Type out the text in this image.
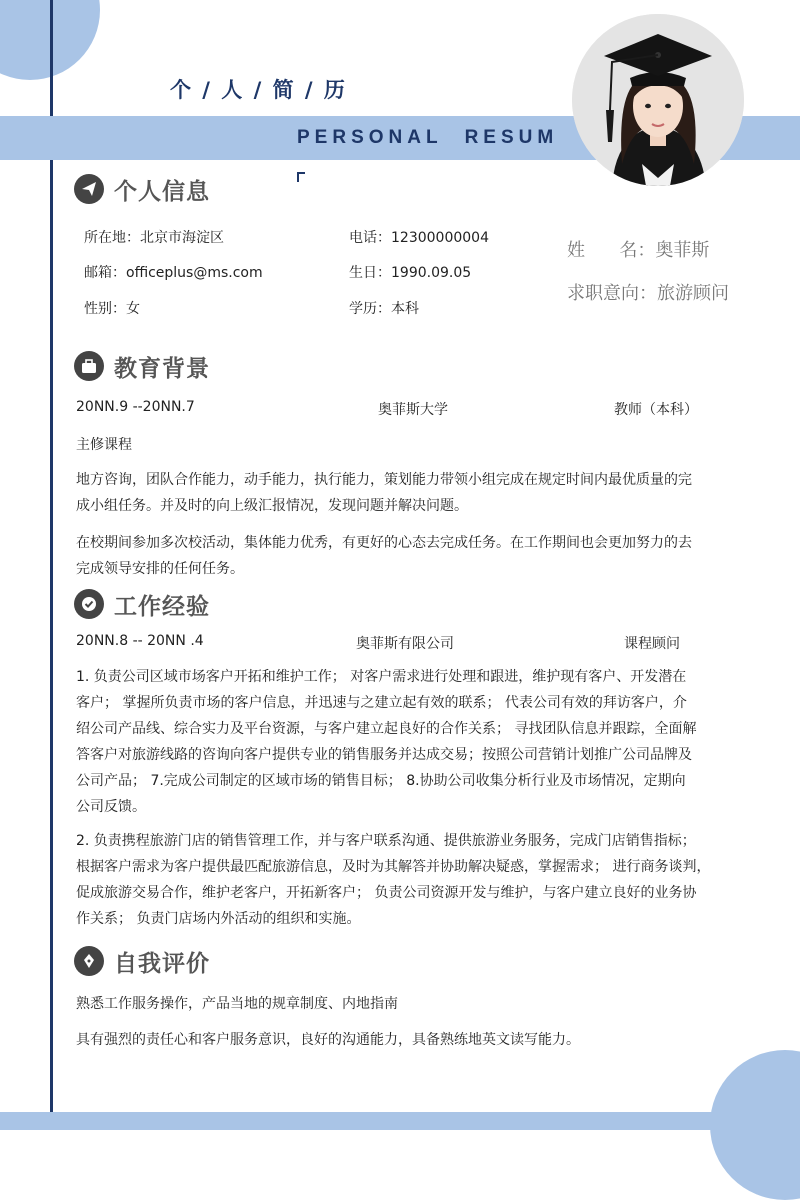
个 / 人 / 简 / 历
PERSONAL RESUM
个人信息
所在地：北京市海淀区	电话：12300000004
邮箱：officeplus@ms.com	生日：1990.09.05
性别：女	学历：本科
姓      名：奥菲斯
求职意向：旅游顾问
教育背景
20NN.9 --20NN.7	奥菲斯大学	教师（本科）
主修课程
地方咨询，团队合作能力，动手能力，执行能力，策划能力带领小组完成在规定时间内最优质量的完
成小组任务。并及时的向上级汇报情况，发现问题并解决问题。
在校期间参加多次校活动，集体能力优秀，有更好的心态去完成任务。在工作期间也会更加努力的去
完成领导安排的任何任务。
工作经验
20NN.8 -- 20NN .4	奥菲斯有限公司	课程顾问
1. 负责公司区域市场客户开拓和维护工作； 对客户需求进行处理和跟进，维护现有客户、开发潜在
客户； 掌握所负责市场的客户信息，并迅速与之建立起有效的联系； 代表公司有效的拜访客户，介
绍公司产品线、综合实力及平台资源，与客户建立起良好的合作关系； 寻找团队信息并跟踪，全面解
答客户对旅游线路的咨询向客户提供专业的销售服务并达成交易；按照公司营销计划推广公司品牌及
公司产品； 7.完成公司制定的区域市场的销售目标； 8.协助公司收集分析行业及市场情况，定期向
公司反馈。
2. 负责携程旅游门店的销售管理工作，并与客户联系沟通、提供旅游业务服务，完成门店销售指标；
根据客户需求为客户提供最匹配旅游信息，及时为其解答并协助解决疑惑，掌握需求； 进行商务谈判，
促成旅游交易合作，维护老客户，开拓新客户； 负责公司资源开发与维护，与客户建立良好的业务协
作关系； 负责门店场内外活动的组织和实施。
自我评价
熟悉工作服务操作，产品当地的规章制度、内地指南
具有强烈的责任心和客户服务意识，良好的沟通能力，具备熟练地英文读写能力。
